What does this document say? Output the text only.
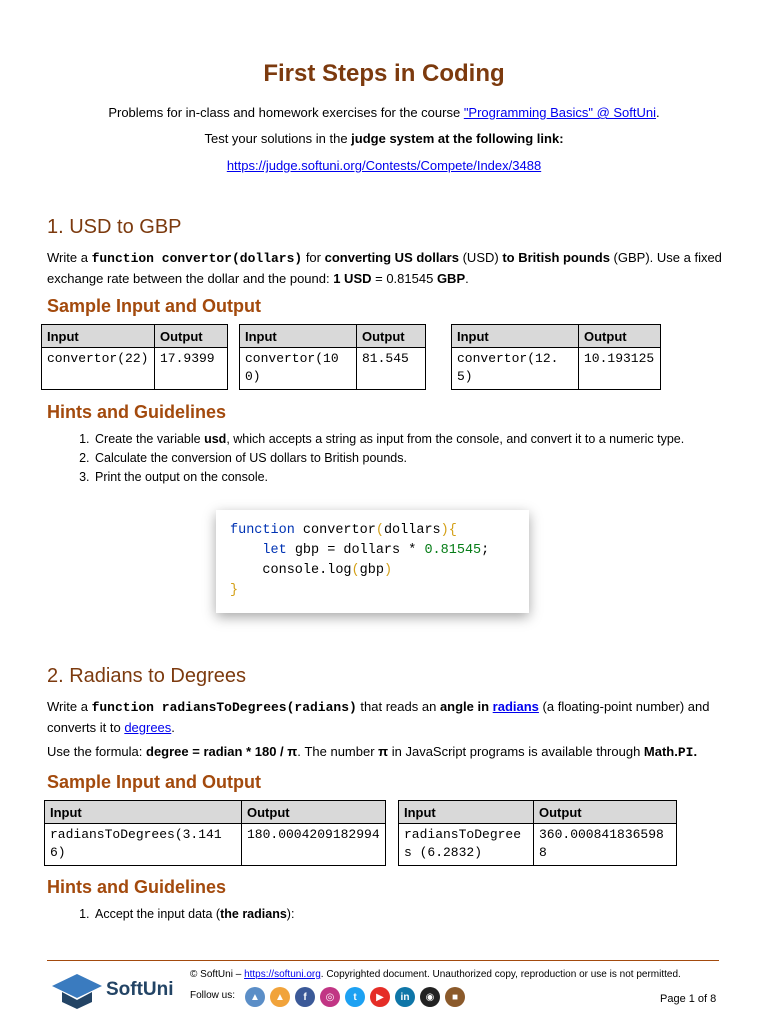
First Steps in Coding
Problems for in-class and homework exercises for the course "Programming Basics" @ SoftUni.
Test your solutions in the judge system at the following link:
https://judge.softuni.org/Contests/Compete/Index/3488
1. USD to GBP
Write a function convertor(dollars) for converting US dollars (USD) to British pounds (GBP). Use a fixed exchange rate between the dollar and the pound: 1 USD = 0.81545 GBP.
Sample Input and Output
Input	Output
convertor(22)	17.9399
Input	Output
convertor(100)	81.545
Input	Output
convertor(12.5)	10.193125
Hints and Guidelines
1. Create the variable usd, which accepts a string as input from the console, and convert it to a numeric type.
2. Calculate the conversion of US dollars to British pounds.
3. Print the output on the console.
function convertor(dollars){
let gbp = dollars * 0.81545;
console.log(gbp)
}
2. Radians to Degrees
Write a function radiansToDegrees(radians) that reads an angle in radians (a floating-point number) and converts it to degrees.
Use the formula: degree = radian * 180 / π. The number π in JavaScript programs is available through Math.PI.
Sample Input and Output
Input	Output
radiansToDegrees(3.1416)	180.0004209182994
Input	Output
radiansToDegrees (6.2832)	360.0008418365988
Hints and Guidelines
1. Accept the input data (the radians):
SoftUni
© SoftUni – https://softuni.org. Copyrighted document. Unauthorized copy, reproduction or use is not permitted.
Follow us:	▲	▲	f	◎	t	▶	in	◉	■	Page 1 of 8
